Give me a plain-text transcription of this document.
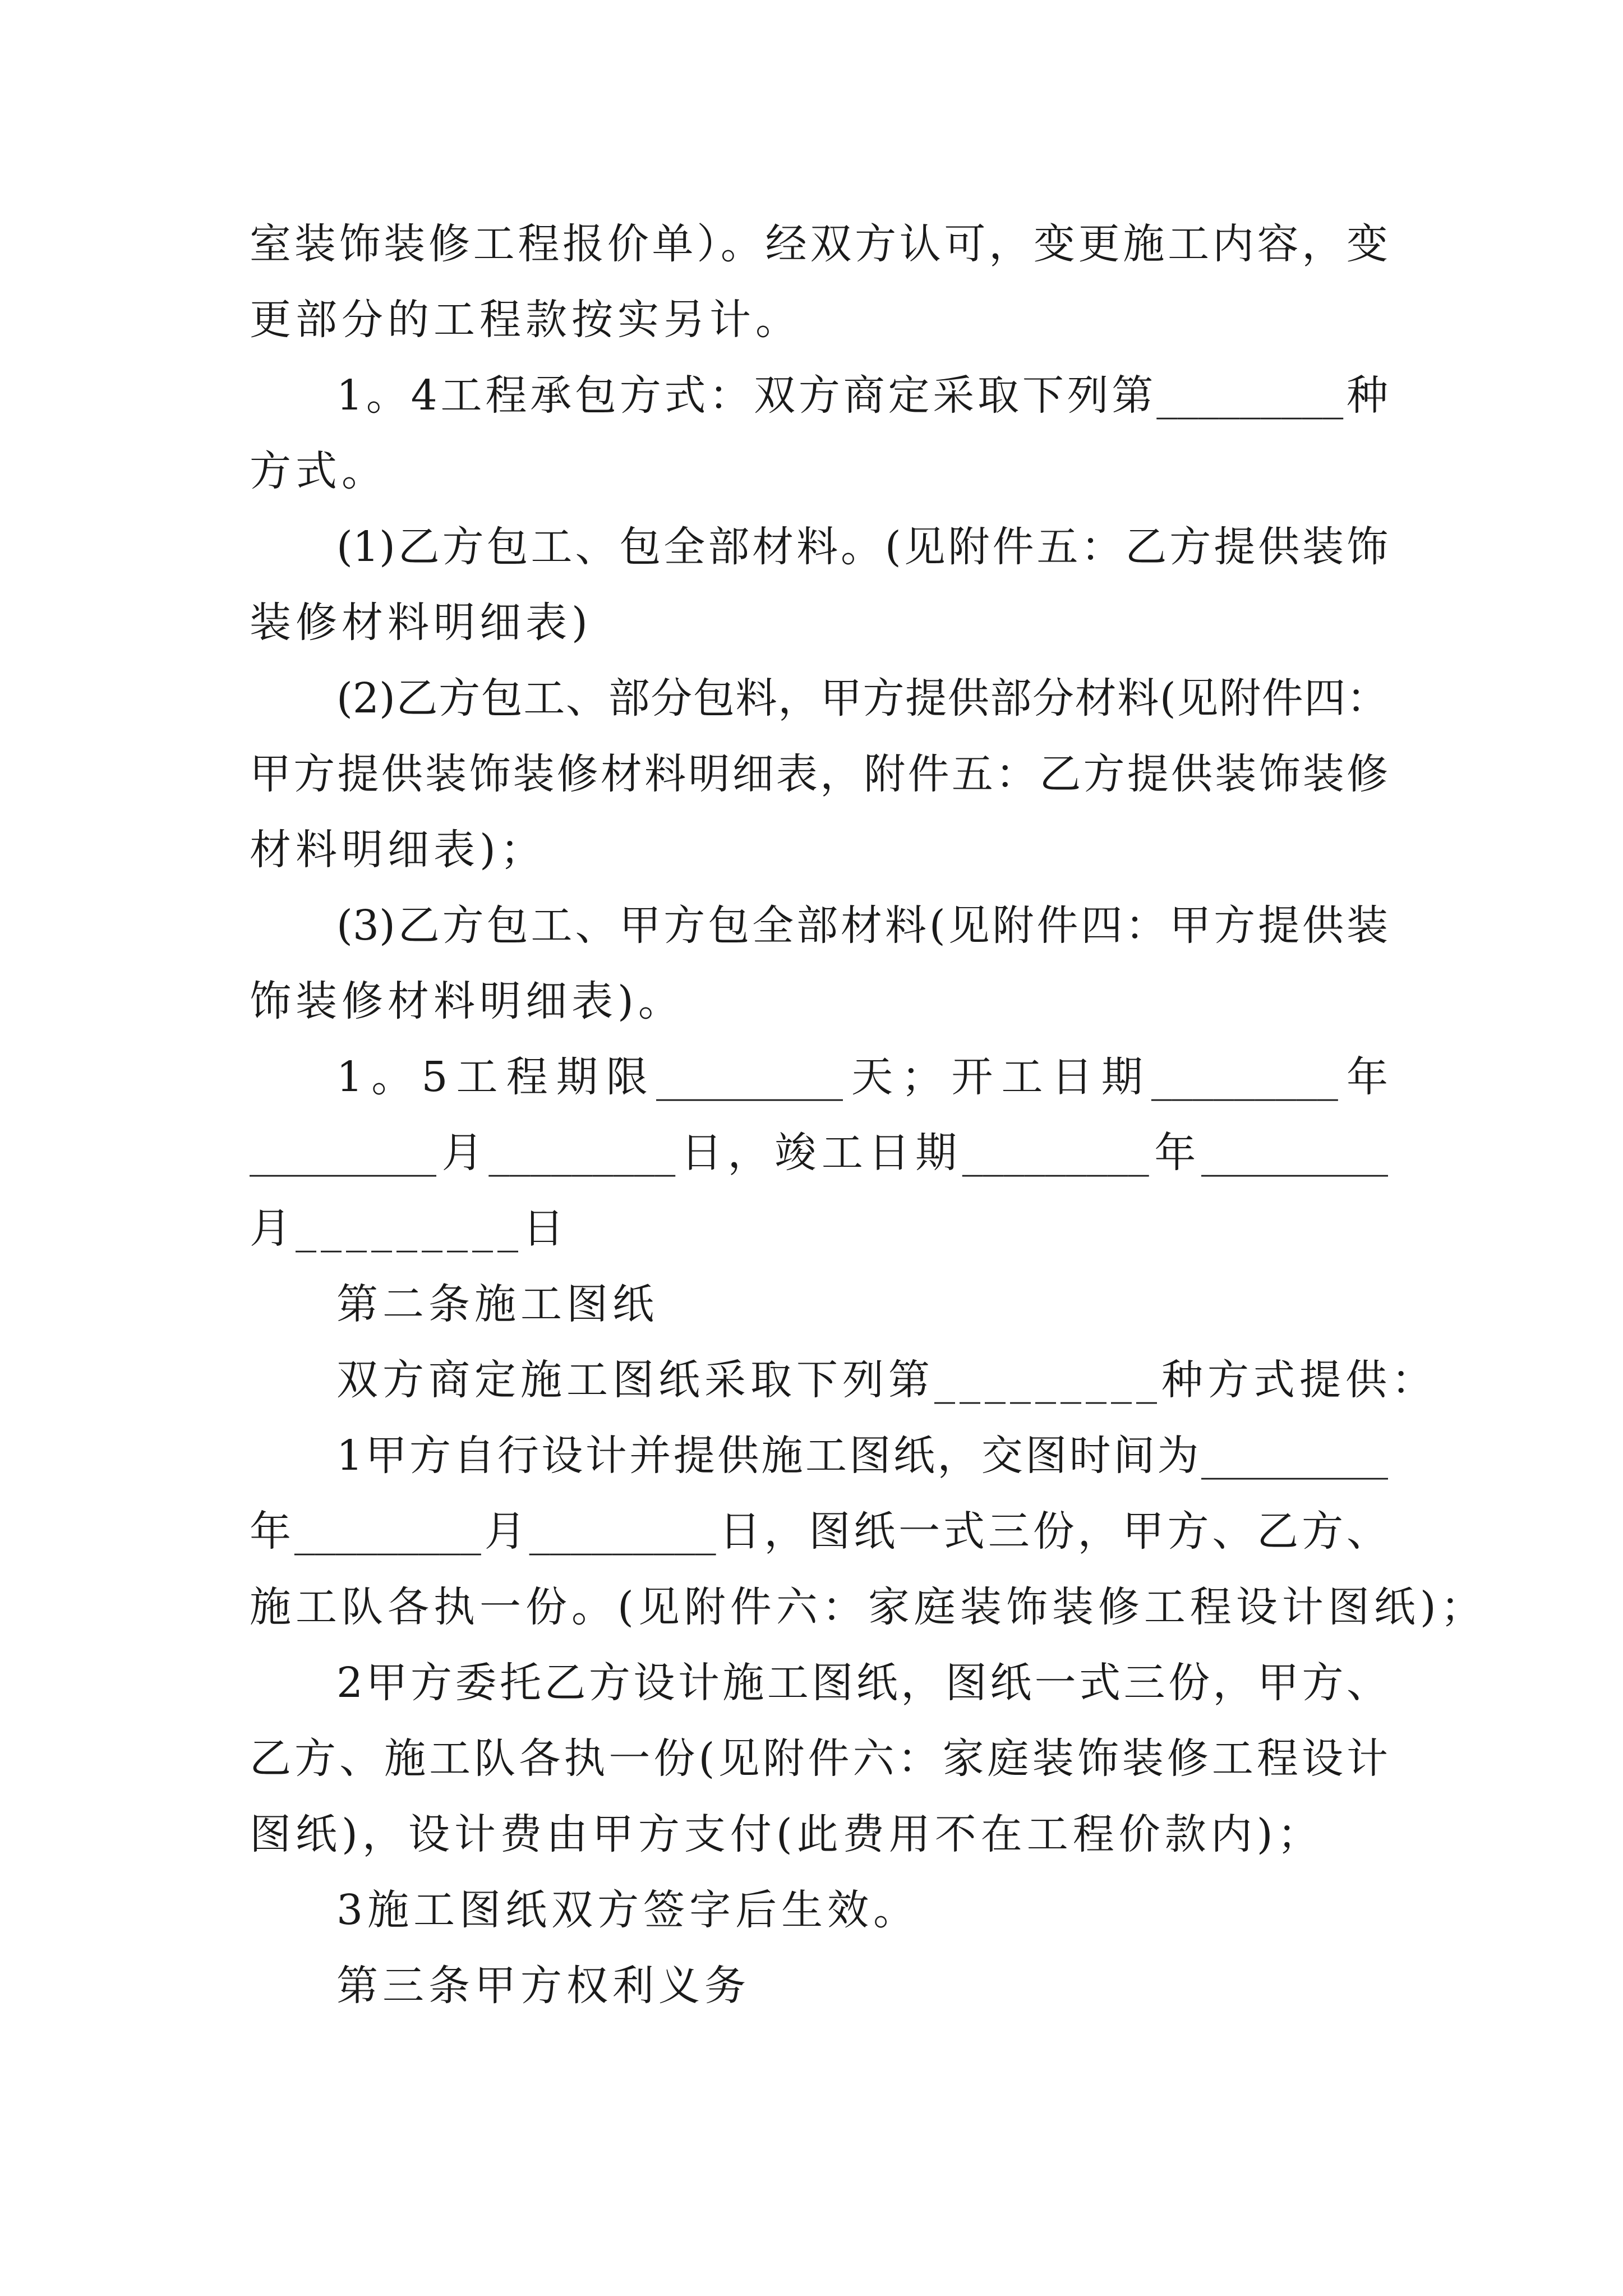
室装饰装修工程报价单）。经双方认可，变更施工内容，变
更部分的工程款按实另计。
1。4工程承包方式：双方商定采取下列第_________种
方式。
(1)乙方包工、包全部材料。(见附件五：乙方提供装饰
装修材料明细表)
(2)乙方包工、部分包料，甲方提供部分材料(见附件四：
甲方提供装饰装修材料明细表，附件五：乙方提供装饰装修
材料明细表)；
(3)乙方包工、甲方包全部材料(见附件四：甲方提供装
饰装修材料明细表)。
1。5工程期限_________天；开工日期_________年
_________月_________日，竣工日期_________年_________
月_________日
第二条施工图纸
双方商定施工图纸采取下列第_________种方式提供：
1甲方自行设计并提供施工图纸，交图时间为_________
年_________月_________日，图纸一式三份，甲方、乙方、
施工队各执一份。(见附件六：家庭装饰装修工程设计图纸)；
2甲方委托乙方设计施工图纸，图纸一式三份，甲方、
乙方、施工队各执一份(见附件六：家庭装饰装修工程设计
图纸)，设计费由甲方支付(此费用不在工程价款内)；
3施工图纸双方签字后生效。
第三条甲方权利义务
